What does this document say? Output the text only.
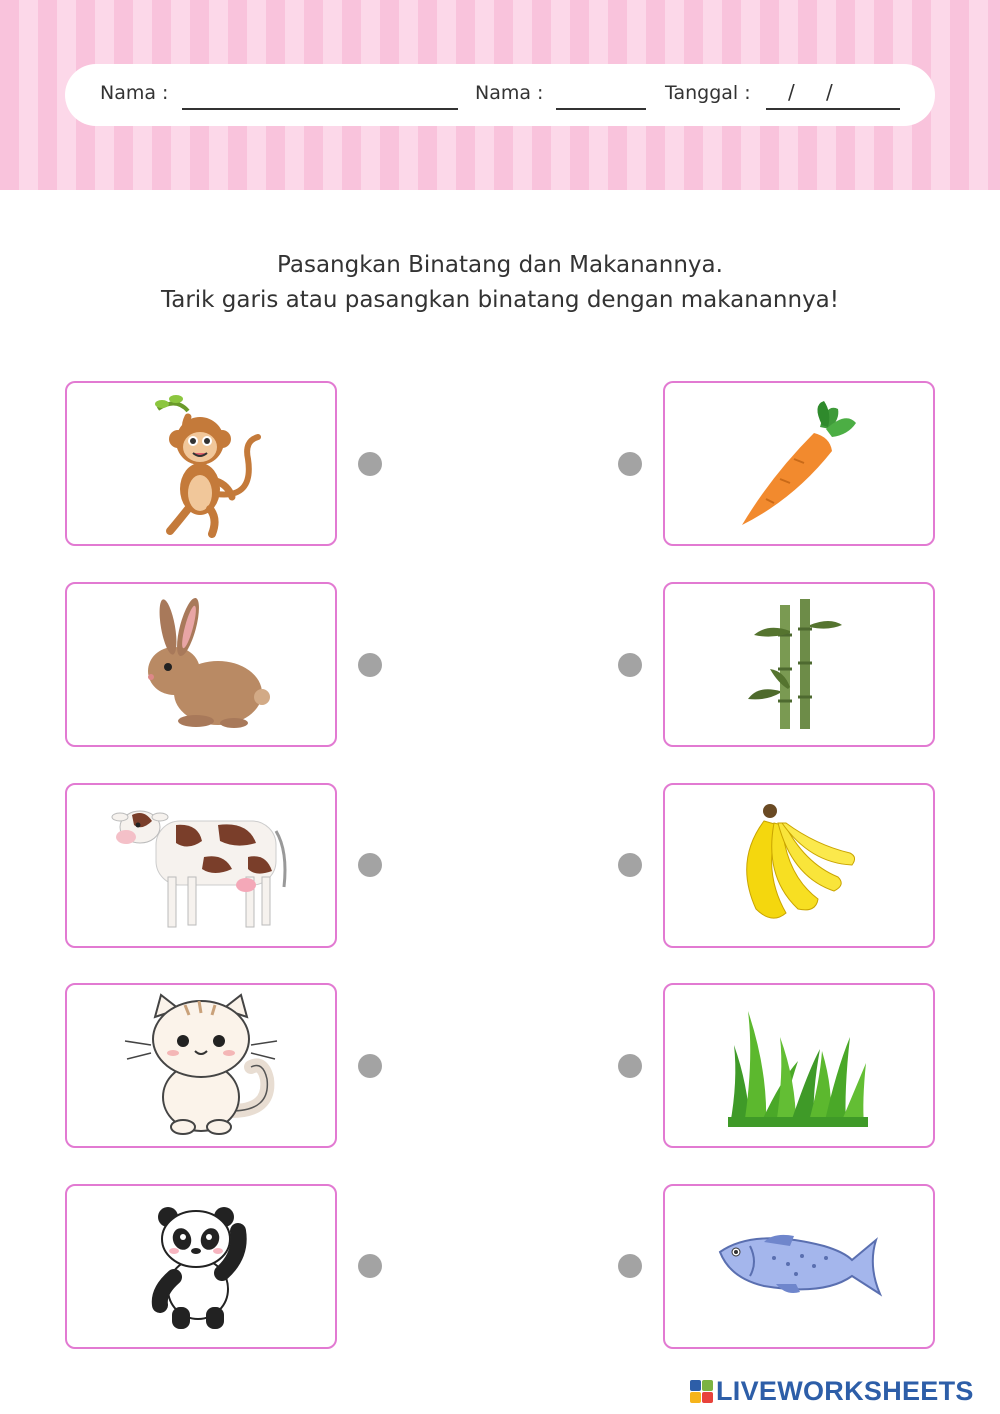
Nama :	Nama :	Tanggal : / /
Pasangkan Binatang dan Makanannya.
Tarik garis atau pasangkan binatang dengan makanannya!
LIVEWORKSHEETS
